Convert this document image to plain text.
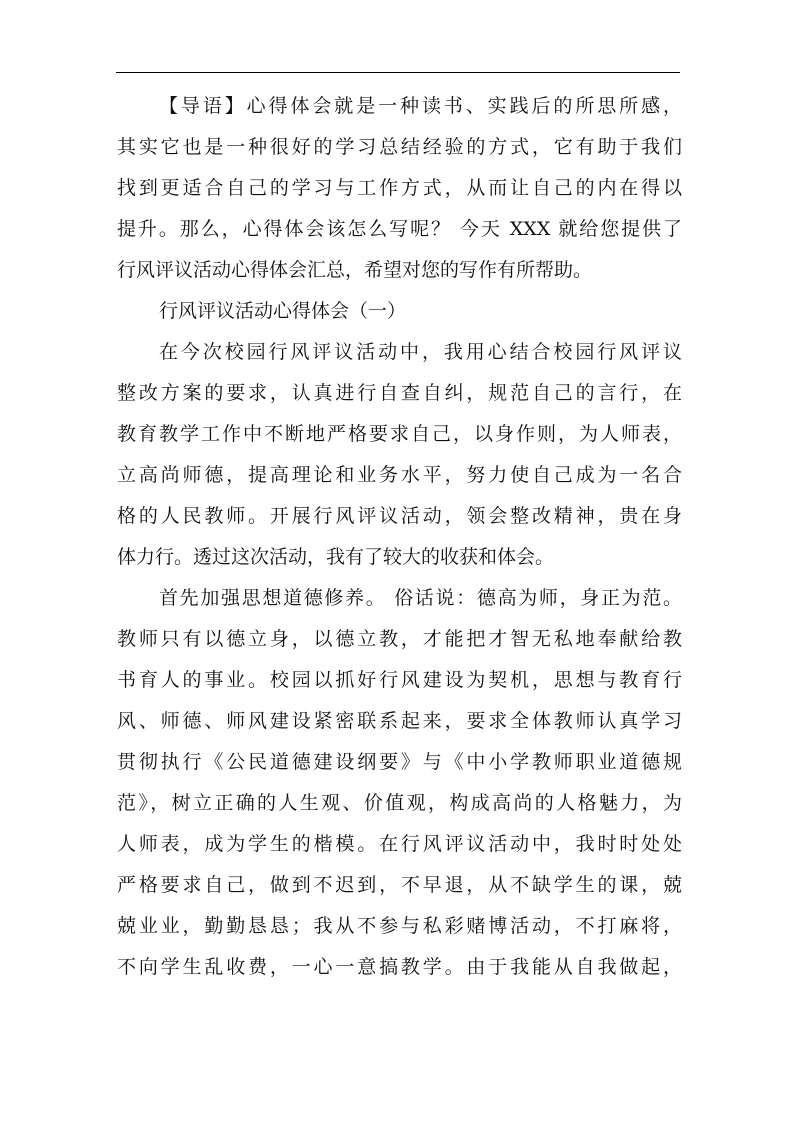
【导语】心得体会就是一种读书、实践后的所思所感，
其实它也是一种很好的学习总结经验的方式，它有助于我们
找到更适合自己的学习与工作方式，从而让自己的内在得以
提升。那么，心得体会该怎么写呢？ 今天 XXX 就给您提供了
行风评议活动心得体会汇总，希望对您的写作有所帮助。
行风评议活动心得体会（一）
在今次校园行风评议活动中，我用心结合校园行风评议
整改方案的要求，认真进行自查自纠，规范自己的言行，在
教育教学工作中不断地严格要求自己，以身作则，为人师表，
立高尚师德，提高理论和业务水平，努力使自己成为一名合
格的人民教师。开展行风评议活动，领会整改精神，贵在身
体力行。透过这次活动，我有了较大的收获和体会。
首先加强思想道德修养。 俗话说：德高为师，身正为范。
教师只有以德立身，以德立教，才能把才智无私地奉献给教
书育人的事业。校园以抓好行风建设为契机，思想与教育行
风、师德、师风建设紧密联系起来，要求全体教师认真学习
贯彻执行《公民道德建设纲要》与《中小学教师职业道德规
范》，树立正确的人生观、价值观，构成高尚的人格魅力，为
人师表，成为学生的楷模。在行风评议活动中，我时时处处
严格要求自己，做到不迟到，不早退，从不缺学生的课，兢
兢业业，勤勤恳恳；我从不参与私彩赌博活动，不打麻将，
不向学生乱收费，一心一意搞教学。由于我能从自我做起，
